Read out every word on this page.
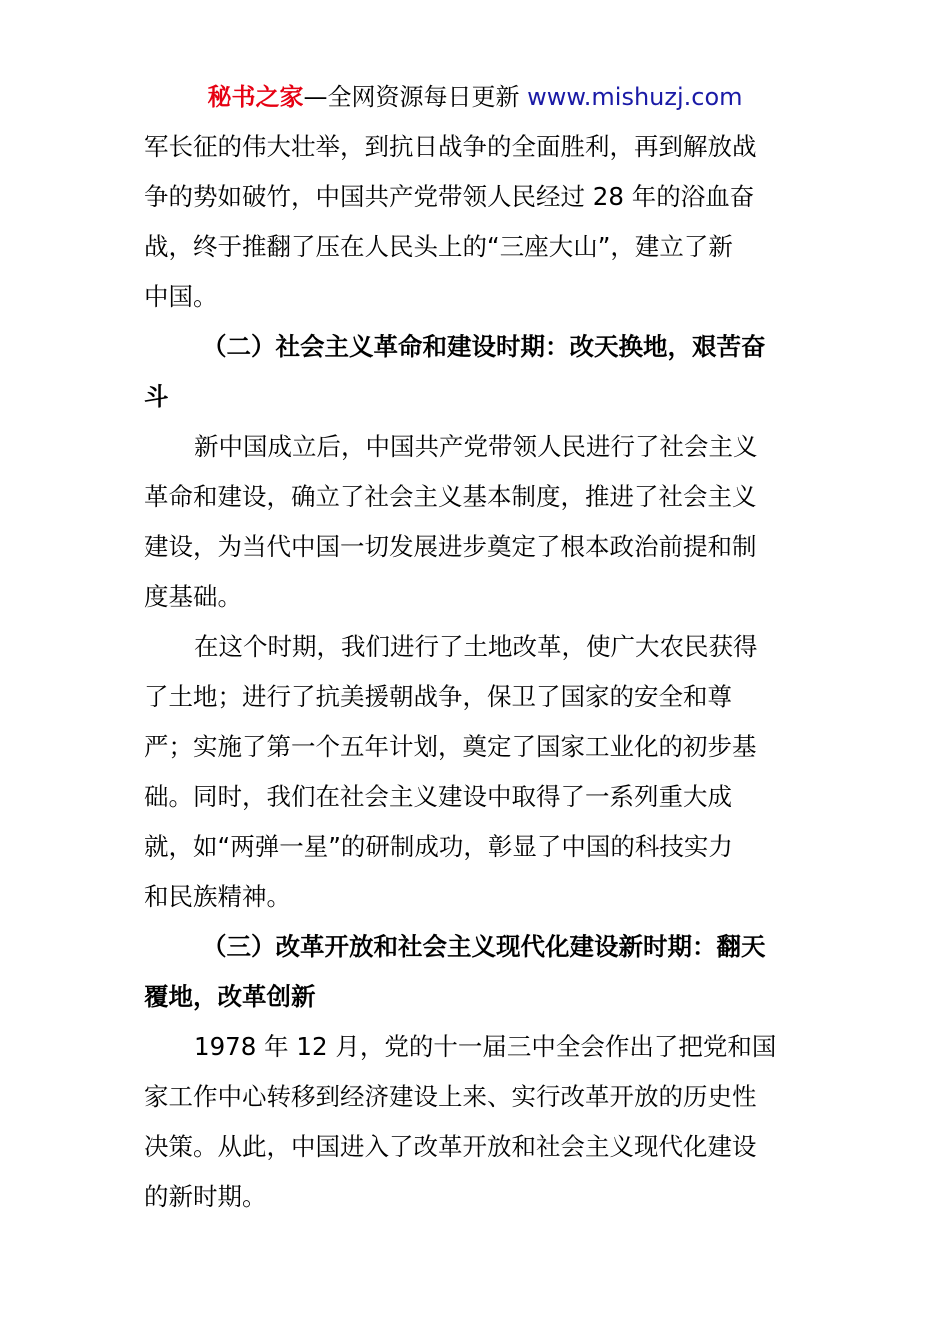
秘书之家—全网资源每日更新 www.mishuzj.com
军长征的伟大壮举，到抗日战争的全面胜利，再到解放战
争的势如破竹，中国共产党带领人民经过 28 年的浴血奋
战，终于推翻了压在人民头上的“三座大山”，建立了新
中国。
（二）社会主义革命和建设时期：改天换地，艰苦奋
斗
新中国成立后，中国共产党带领人民进行了社会主义
革命和建设，确立了社会主义基本制度，推进了社会主义
建设，为当代中国一切发展进步奠定了根本政治前提和制
度基础。
在这个时期，我们进行了土地改革，使广大农民获得
了土地；进行了抗美援朝战争，保卫了国家的安全和尊
严；实施了第一个五年计划，奠定了国家工业化的初步基
础。同时，我们在社会主义建设中取得了一系列重大成
就，如“两弹一星”的研制成功，彰显了中国的科技实力
和民族精神。
（三）改革开放和社会主义现代化建设新时期：翻天
覆地，改革创新
1978 年 12 月，党的十一届三中全会作出了把党和国
家工作中心转移到经济建设上来、实行改革开放的历史性
决策。从此，中国进入了改革开放和社会主义现代化建设
的新时期。
